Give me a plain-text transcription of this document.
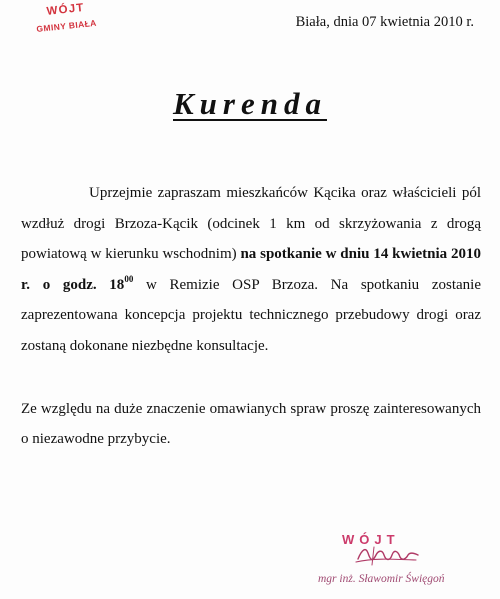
WÓJT
GMINY BIAŁA	Biała, dnia 07 kwietnia 2010 r.
Kurenda

Uprzejmie zapraszam mieszkańców Kącika oraz właścicieli pól wzdłuż drogi Brzoza-Kącik (odcinek 1 km od skrzyżowania z drogą powiatową w kierunku wschodnim) na spotkanie w dniu 14 kwietnia 2010 r. o godz. $18^{00}$ w Remizie OSP Brzoza. Na spotkaniu zostanie zaprezentowana koncepcja projektu technicznego przebudowy drogi oraz zostaną dokonane niezbędne konsultacje.

Ze względu na duże znaczenie omawianych spraw proszę zainteresowanych o niezawodne przybycie.

WÓJT
mgr inż. Sławomir Święgoń
